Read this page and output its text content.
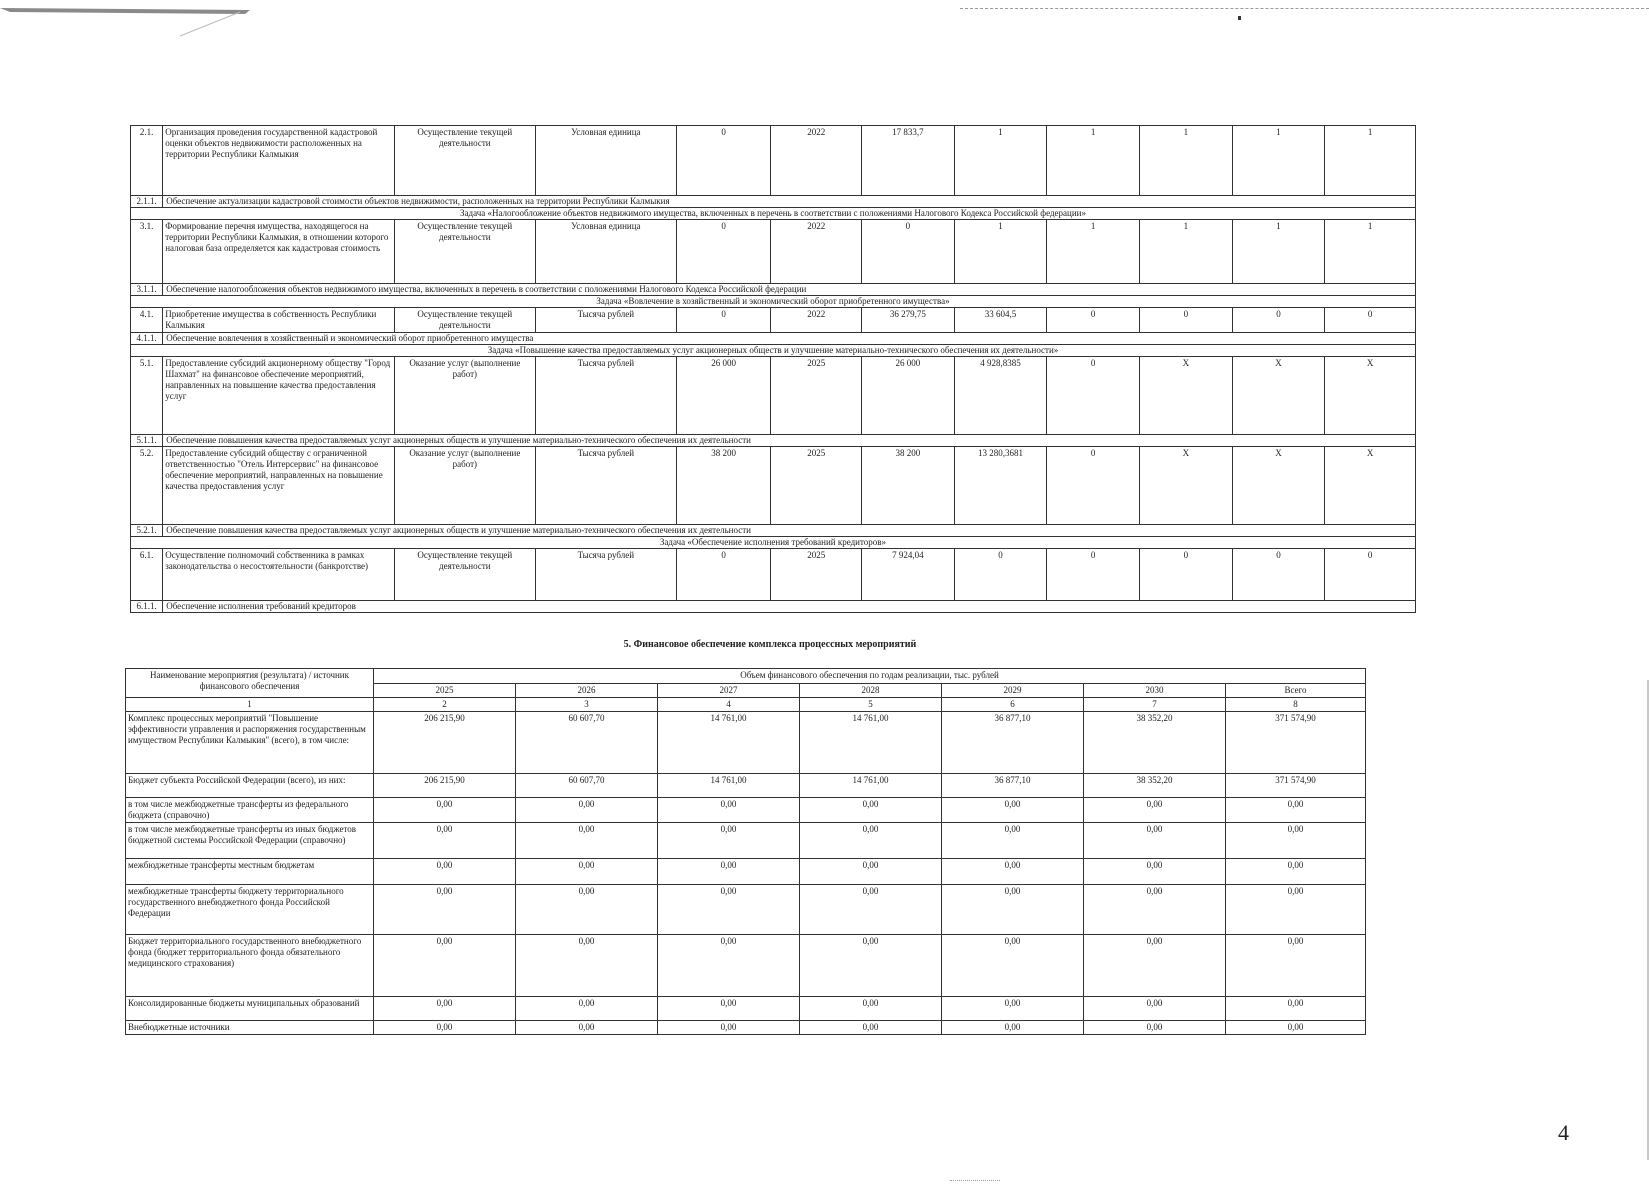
2.1.	Организация проведения государственной кадастровой оценки объектов недвижимости расположенных на территории Республики Калмыкия	Осуществление текущей деятельности	Условная единица	0	2022	17 833,7	1	1	1	1	1
2.1.1.	Обеспечение актуализации кадастровой стоимости объектов недвижимости, расположенных на территории Республики Калмыкия										
Задача «Налогообложение объектов недвижимого имущества, включенных в перечень в соответствии с положениями Налогового Кодекса Российской федерации»											
3.1.	Формирование перечня имущества, находящегося на территории Республики Калмыкия, в отношении которого налоговая база определяется как кадастровая стоимость	Осуществление текущей деятельности	Условная единица	0	2022	0	1	1	1	1	1
3.1.1.	Обеспечение налогообложения объектов недвижимого имущества, включенных в перечень в соответствии с положениями Налогового Кодекса Российской федерации										
Задача «Вовлечение в хозяйственный и экономический оборот приобретенного имущества»											
4.1.	Приобретение имущества в собственность Республики Калмыкия	Осуществление текущей деятельности	Тысяча рублей	0	2022	36 279,75	33 604,5	0	0	0	0
4.1.1.	Обеспечение вовлечения в хозяйственный и экономический оборот приобретенного имущества										
Задача «Повышение качества предоставляемых услуг акционерных обществ и улучшение материально-технического обеспечения их деятельности»											
5.1.	Предоставление субсидий акционерному обществу "Город Шахмат" на финансовое обеспечение мероприятий, направленных на повышение качества предоставления услуг	Оказание услуг (выполнение работ)	Тысяча рублей	26 000	2025	26 000	4 928,8385	0	X	X	X
5.1.1.	Обеспечение повышения качества предоставляемых услуг акционерных обществ и улучшение материально-технического обеспечения их деятельности										
5.2.	Предоставление субсидий обществу с ограниченной ответственностью "Отель Интерсервис" на финансовое обеспечение мероприятий, направленных на повышение качества предоставления услуг	Оказание услуг (выполнение работ)	Тысяча рублей	38 200	2025	38 200	13 280,3681	0	X	X	X
5.2.1.	Обеспечение повышения качества предоставляемых услуг акционерных обществ и улучшение материально-технического обеспечения их деятельности										
Задача «Обеспечение исполнения требований кредиторов»											
6.1.	Осуществление полномочий собственника в рамках законодательства о несостоятельности (банкротстве)	Осуществление текущей деятельности	Тысяча рублей	0	2025	7 924,04	0	0	0	0	0
6.1.1.	Обеспечение исполнения требований кредиторов										
5. Финансовое обеспечение комплекса процессных мероприятий
Наименование мероприятия (результата) / источник финансового обеспечения	Объем финансового обеспечения по годам реализации, тыс. рублей						
	2025	2026	2027	2028	2029	2030	Всего
1	2	3	4	5	6	7	8
Комплекс процессных мероприятий "Повышение эффективности управления и распоряжения государственным имуществом Республики Калмыкия" (всего), в том числе:	206 215,90	60 607,70	14 761,00	14 761,00	36 877,10	38 352,20	371 574,90
Бюджет субъекта Российской Федерации (всего), из них:	206 215,90	60 607,70	14 761,00	14 761,00	36 877,10	38 352,20	371 574,90
в том числе межбюджетные трансферты из федерального бюджета (справочно)	0,00	0,00	0,00	0,00	0,00	0,00	0,00
в том числе межбюджетные трансферты из иных бюджетов бюджетной системы Российской Федерации (справочно)	0,00	0,00	0,00	0,00	0,00	0,00	0,00
межбюджетные трансферты местным бюджетам	0,00	0,00	0,00	0,00	0,00	0,00	0,00
межбюджетные трансферты бюджету территориального государственного внебюджетного фонда Российской Федерации	0,00	0,00	0,00	0,00	0,00	0,00	0,00
Бюджет территориального государственного внебюджетного фонда (бюджет территориального фонда обязательного медицинского страхования)	0,00	0,00	0,00	0,00	0,00	0,00	0,00
Консолидированные бюджеты муниципальных образований	0,00	0,00	0,00	0,00	0,00	0,00	0,00
Внебюджетные источники	0,00	0,00	0,00	0,00	0,00	0,00	0,00
4
